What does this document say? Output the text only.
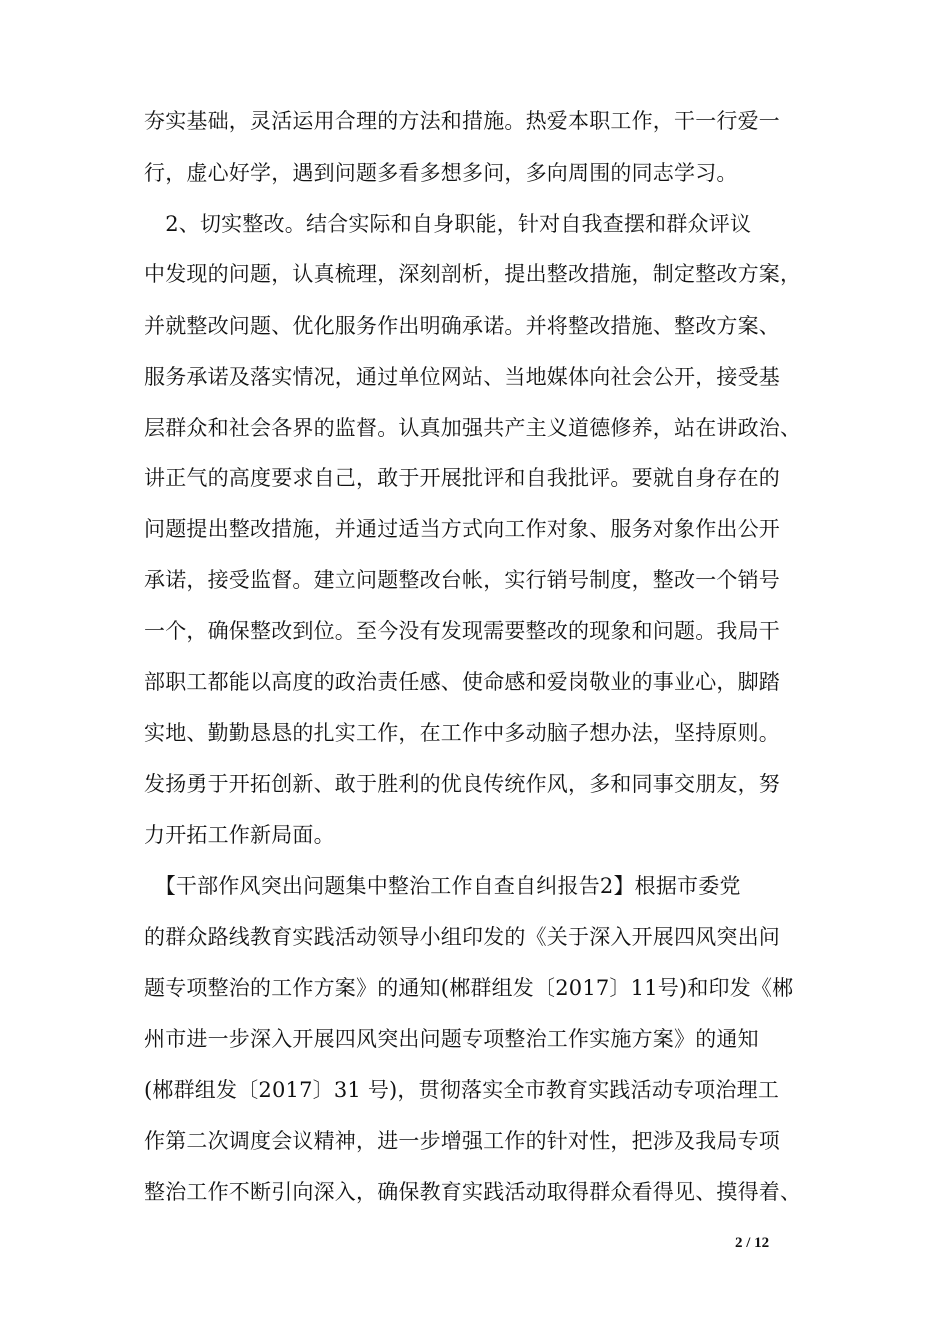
夯实基础，灵活运用合理的方法和措施。热爱本职工作，干一行爱一
行，虚心好学，遇到问题多看多想多问，多向周围的同志学习。
　2、切实整改。结合实际和自身职能，针对自我查摆和群众评议
中发现的问题，认真梳理，深刻剖析，提出整改措施，制定整改方案，
并就整改问题、优化服务作出明确承诺。并将整改措施、整改方案、
服务承诺及落实情况，通过单位网站、当地媒体向社会公开，接受基
层群众和社会各界的监督。认真加强共产主义道德修养，站在讲政治、
讲正气的高度要求自己，敢于开展批评和自我批评。要就自身存在的
问题提出整改措施，并通过适当方式向工作对象、服务对象作出公开
承诺，接受监督。建立问题整改台帐，实行销号制度，整改一个销号
一个，确保整改到位。至今没有发现需要整改的现象和问题。我局干
部职工都能以高度的政治责任感、使命感和爱岗敬业的事业心，脚踏
实地、勤勤恳恳的扎实工作，在工作中多动脑子想办法，坚持原则。
发扬勇于开拓创新、敢于胜利的优良传统作风，多和同事交朋友，努
力开拓工作新局面。
　【干部作风突出问题集中整治工作自查自纠报告2】根据市委党
的群众路线教育实践活动领导小组印发的《关于深入开展四风突出问
题专项整治的工作方案》的通知(郴群组发〔2017〕11号)和印发《郴
州市进一步深入开展四风突出问题专项整治工作实施方案》的通知
(郴群组发〔2017〕31 号)，贯彻落实全市教育实践活动专项治理工
作第二次调度会议精神，进一步增强工作的针对性，把涉及我局专项
整治工作不断引向深入，确保教育实践活动取得群众看得见、摸得着、
2 / 12
